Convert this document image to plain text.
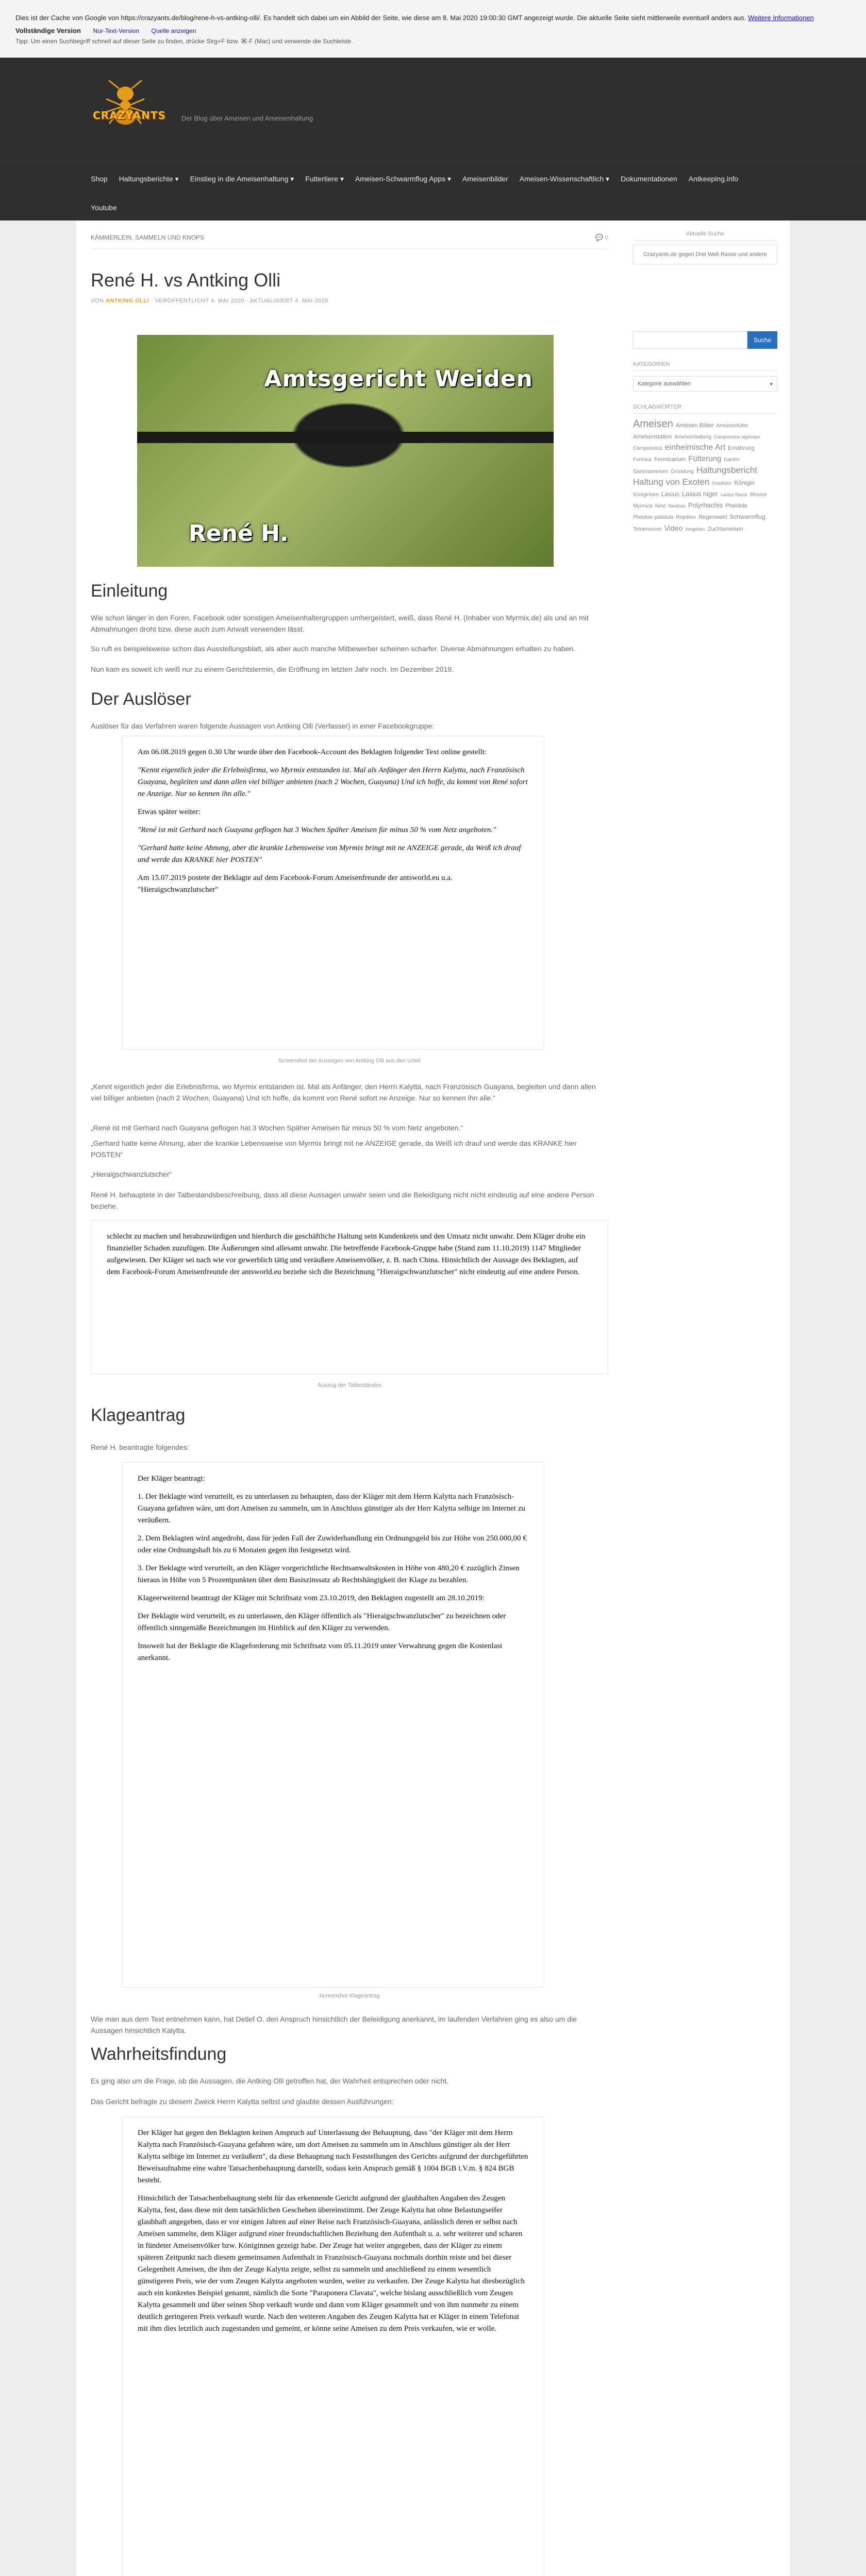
Dies ist der Cache von Google von https://crazyants.de/blog/rene-h-vs-antking-olli/. Es handelt sich dabei um ein Abbild der Seite, wie diese am 8. Mai 2020 19:00:30 GMT angezeigt wurde. Die aktuelle Seite sieht mittlerweile eventuell anders aus. Weitere Informationen
Vollständige Version Nur-Text-Version Quelle anzeigen
Tipp: Um einen Suchbegriff schnell auf dieser Seite zu finden, drücke Strg+F bzw. ⌘-F (Mac) und verwende die Suchleiste.
CRAZYANTS Der Blog über Ameisen und Ameisenhaltung
Shop	Haltungsberichte ▾	Einstieg in die Ameisenhaltung ▾	Futtertiere ▾	Ameisen-Schwarmflug Apps ▾	Ameisenbilder	Ameisen-Wissenschaftlich ▾	Dokumentationen	Antkeeping.info
Youtube
KÄMMERLEIN, SAMMELN UND KNOPS	💬 0
René H. vs Antking Olli
VON ANTKING OLLI · VERÖFFENTLICHT 4. MAI 2020 · AKTUALISIERT 4. MAI 2020
Amtsgericht Weiden
René H.
Einleitung

Wie schon länger in den Foren, Facebook oder sonstigen Ameisenhaltergruppen umhergeistert, weiß, dass René H. (Inhaber von Myrmix.de) als und an mit Abmahnungen droht bzw. diese auch zum Anwalt verwenden lässt.

So ruft es beispielsweise schon das Ausstellungsblatt, als aber auch manche Mitbewerber scheinen scharfer. Diverse Abmahnungen erhalten zu haben.

Nun kam es soweit ich weiß nur zu einem Gerichtstermin, die Eröffnung im letzten Jahr noch. Im Dezember 2019.

Der Auslöser

Auslöser für das Verfahren waren folgende Aussagen von Antking Olli (Verfasser) in einer Facebookgruppe:

Am 06.08.2019 gegen 0.30 Uhr wurde über den Facebook-Account des Beklagten folgender Text online gestellt:

"Kennt eigentlich jeder die Erlebnisfirma, wo Myrmix entstanden ist. Mal als Anfänger den Herrn Kalytta, nach Französisch Guayana, begleiten und dann allen viel billiger anbieten (nach 2 Wochen, Guayana) Und ich hoffe, da kommt von René sofort ne Anzeige. Nur so kennen ihn alle."

Etwas später weiter:

"René ist mit Gerhard nach Guayana geflogen hat 3 Wochen Späher Ameisen für minus 50 % vom Netz angeboten."

"Gerhard hatte keine Ahnung, aber die krankie Lebensweise von Myrmix bringt mit ne ANZEIGE gerade, da Weiß ich drauf und werde das KRANKE hier POSTEN"

Am 15.07.2019 postete der Beklagte auf dem Facebook-Forum Ameisenfreunde der antsworld.eu u.a. "Hieraigschwanzlutscher"

Screenshot der Aussagen von Antking Olli aus den Urteil

„Kennt eigentlich jeder die Erlebnisfirma, wo Myrmix entstanden ist. Mal als Anfänger, den Herrn Kalytta, nach Französisch Guayana, begleiten und dann allen viel billiger anbieten (nach 2 Wochen, Guayana) Und ich hoffe, da kommt von René sofort ne Anzeige. Nur so kennen ihn alle.“

„René ist mit Gerhard nach Guayana geflogen hat 3 Wochen Späher Ameisen für minus 50 % vom Netz angeboten.“

„Gerhard hatte keine Ahnung, aber die krankie Lebensweise von Myrmix bringt mit ne ANZEIGE gerade, da Weiß ich drauf und werde das KRANKE hier POSTEN“

„Hieraigschwanzlutscher“

René H. behauptete in der Tatbestandsbeschreibung, dass all diese Aussagen unwahr seien und die Beleidigung nicht nicht eindeutig auf eine andere Person beziehe.

schlecht zu machen und herabzuwürdigen und hierdurch die geschäftliche Haltung sein Kundenkreis und den Umsatz nicht unwahr. Dem Kläger drohe ein finanzieller Schaden zuzufügen. Die Äußerungen sind allesamt unwahr. Die betreffende Facebook-Gruppe habe (Stand zum 11.10.2019) 1147 Mitglieder aufgewiesen. Der Kläger sei nach wie vor gewerblich tätig und veräußere Ameisenvölker, z. B. nach China. Hinsichtlich der Aussage des Beklagten, auf dem Facebook-Forum Ameisenfreunde der antsworld.eu beziehe sich die Bezeichnung "Hieraigschwanzlutscher" nicht eindeutig auf eine andere Person.

Auszug der Tatbestandes
Klageantrag

René H. beantragte folgendes:

Der Kläger beantragt:

1. Der Beklagte wird verurteilt, es zu unterlassen zu behaupten, dass der Kläger mit dem Herrn Kalytta nach Französisch-Guayana gefahren wäre, um dort Ameisen zu sammeln, um in Anschluss günstiger als der Herr Kalytta selbige im Internet zu veräußern.

2. Dem Beklagten wird angedroht, dass für jeden Fall der Zuwiderhandlung ein Ordnungsgeld bis zur Höhe von 250.000,00 € oder eine Ordnungshaft bis zu 6 Monaten gegen ihn festgesetzt wird.

3. Der Beklagte wird verurteilt, an den Kläger vorgerichtliche Rechtsanwaltskosten in Höhe von 480,20 € zuzüglich Zinsen hieraus in Höhe von 5 Prozentpunkten über dem Basiszinssatz ab Rechtshängigkeit der Klage zu bezahlen.

Klageerweiternd beantragt der Kläger mit Schriftsatz vom 23.10.2019, den Beklagten zugestellt am 28.10.2019:

Der Beklagte wird verurteilt, es zu unterlassen, den Kläger öffentlich als "Hieraigschwanzlutscher" zu bezeichnen oder öffentlich sinngemäße Bezeichnungen im Hinblick auf den Kläger zu verwenden.

Insoweit hat der Beklagte die Klageforderung mit Schriftsatz vom 05.11.2019 unter Verwahrung gegen die Kostenlast anerkannt.

Screenshot Klageantrag

Wie man aus dem Text entnehmen kann, hat Detlef O. den Anspruch hinsichtlich der Beleidigung anerkannt, im laufenden Verfahren ging es also um die Aussagen hinsichtlich Kalytta.

Wahrheitsfindung

Es ging also um die Frage, ob die Aussagen, die Antking Olli getroffen hat, der Wahrheit entsprechen oder nicht.

Das Gericht befragte zu diesem Zweck Herrn Kalytta selbst und glaubte dessen Ausführungen:

Der Kläger hat gegen den Beklagten keinen Anspruch auf Unterlassung der Behauptung, dass "der Kläger mit dem Herrn Kalytta nach Französisch-Guayana gefahren wäre, um dort Ameisen zu sammeln um in Anschluss günstiger als der Herr Kalytta selbige im Internet zu veräußern", da diese Behauptung nach Feststellungen des Gerichts aufgrund der durchgeführten Beweisaufnahme eine wahre Tatsachenbehauptung darstellt, sodass kein Anspruch gemäß § 1004 BGB i.V.m. § 824 BGB besteht.

Hinsichtlich der Tatsachenbehauptung steht für das erkennende Gericht aufgrund der glaubhaften Angaben des Zeugen Kalytta, fest, dass diese mit dem tatsächlichen Geschehen übereinstimmt. Der Zeuge Kalytta hat ohne Belastungseifer glaubhaft angegeben, dass er vor einigen Jahren auf einer Reise nach Französisch-Guayana, anlässlich deren er selbst nach Ameisen sammelte, dem Kläger aufgrund einer freundschaftlichen Beziehung den Aufenthalt u. a. sehr weiterer und scharen in fündeter Ameisenvölker bzw. Königinnen gezeigt habe. Der Zeuge hat weiter angegeben, dass der Kläger zu einem späteren Zeitpunkt nach diesem gemeinsamen Aufenthalt in Französisch-Guayana nochmals dorthin reiste und bei dieser Gelegenheit Ameisen, die ihm der Zeuge Kalytta zeigte, selbst zu sammeln und anschließend zu einem wesentlich günstigeren Preis, wie der vom Zeugen Kalytta angeboten wurden, weiter zu verkaufen. Der Zeuge Kalytta hat diesbezüglich auch ein konkretes Beispiel genannt, nämlich die Sorte "Paraponera Clavata", welche bislang ausschließlich vom Zeugen Kalytta gesammelt und über seinen Shop verkauft wurde und dann vom Kläger gesammelt und von ihm nunmehr zu einem deutlich geringeren Preis verkauft wurde. Nach den weiteren Angaben des Zeugen Kalytta hat er Kläger in einem Telefonat mit ihm dies letztlich auch zugestanden und gemeint, er könne seine Ameisen zu dem Preis verkaufen, wie er wolle.

Aktuelle Suche
Crazyants.de gegen Drei Welt Rasse und andere
Suche
KATEGORIEN
Kategorie auswählen	▾
SCHLAGWÖRTER
Ameisen Ameisen Bilder AmeisenfutterAmeisenstation Ameisenhaltung Camponotus nigricepsCamponotus einheimische Art ErnährungFormica Formicarium Fütterung GartenGartenameisen Gründung HaltungsberichtHaltung von Exoten Insekten KöniginKöniginnen Lasius Lasius niger Lasius flavus MessorMyrmica Nest Nestbau Polyrhachis PheidolePheidole pallidula Reptilien Regenwald SchwarmflugTetramorium Video Vorgehen Zuchtameisen
